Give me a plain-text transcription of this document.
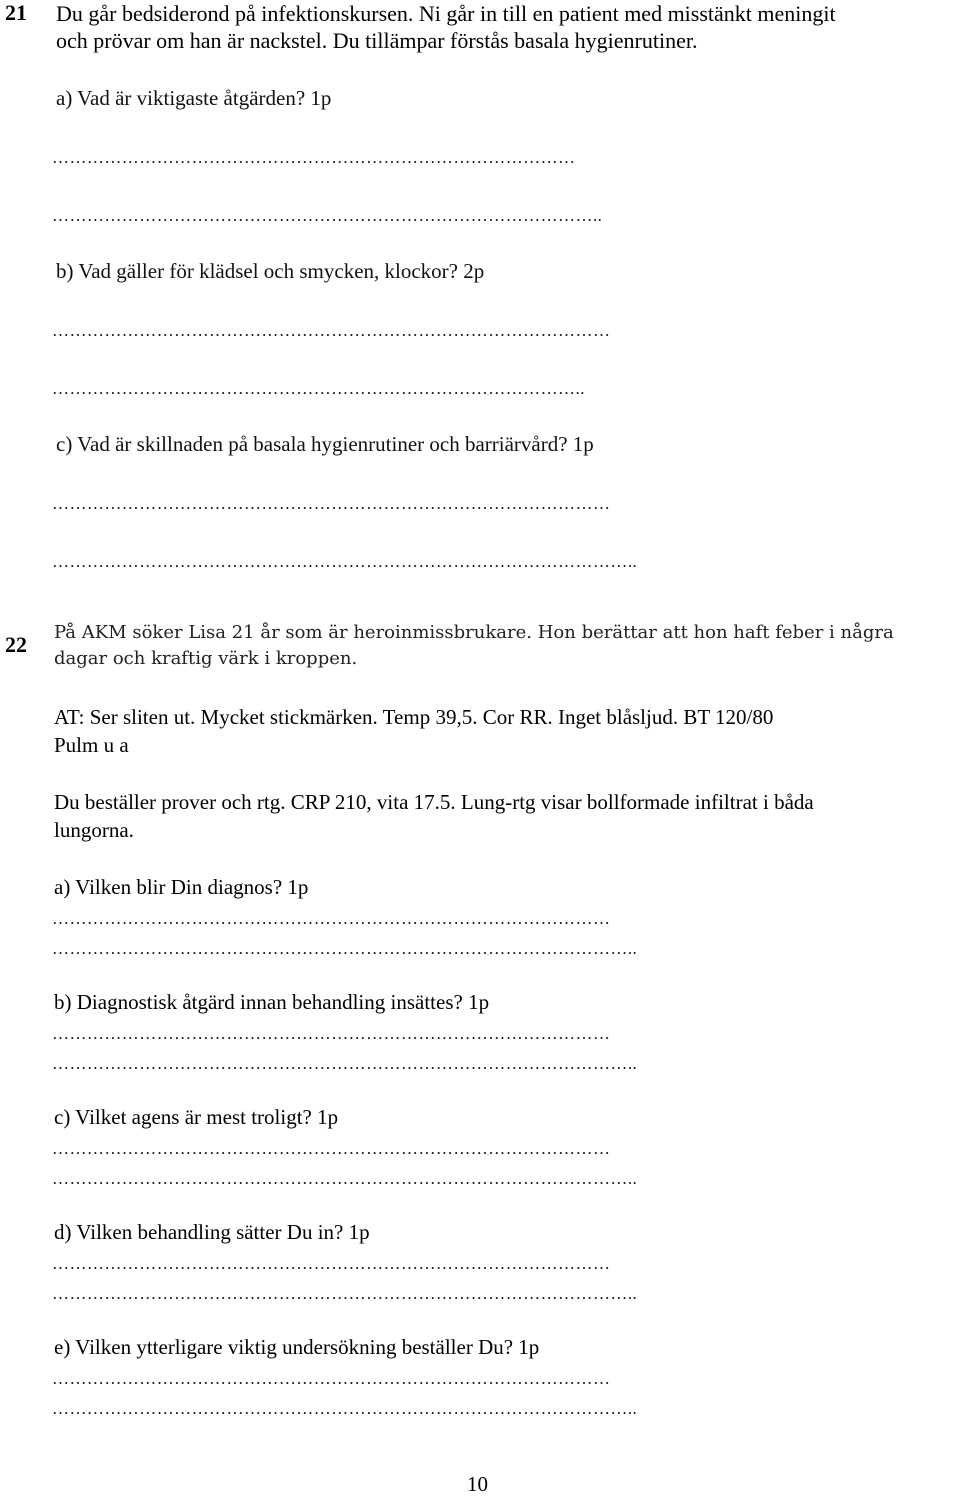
21 Du går bedsiderond på infektionskursen. Ni går in till en patient med misstänkt meningit
och prövar om han är nackstel. Du tillämpar förstås basala hygienrutiner.
a) Vad är viktigaste åtgärden? 1p
………………………………………………………………………………
…………………………………………………………………………………..
b) Vad gäller för klädsel och smycken, klockor? 2p
……………………………………………………………………………………
………………………………………………………………………………..
c) Vad är skillnaden på basala hygienrutiner och barriärvård? 1p
……………………………………………………………………………………
………………………………………………………………………………………..
22 På AKM söker Lisa 21 år som är heroinmissbrukare. Hon berättar att hon haft feber i några
dagar och kraftig värk i kroppen.
AT: Ser sliten ut. Mycket stickmärken. Temp 39,5. Cor RR. Inget blåsljud. BT 120/80
Pulm u a
Du beställer prover och rtg. CRP 210, vita 17.5. Lung-rtg visar bollformade infiltrat i båda
lungorna.
a) Vilken blir Din diagnos? 1p
……………………………………………………………………………………
………………………………………………………………………………………..
b) Diagnostisk åtgärd innan behandling insättes? 1p
……………………………………………………………………………………
………………………………………………………………………………………..
c) Vilket agens är mest troligt? 1p
……………………………………………………………………………………
………………………………………………………………………………………..
d) Vilken behandling sätter Du in? 1p
……………………………………………………………………………………
………………………………………………………………………………………..
e) Vilken ytterligare viktig undersökning beställer Du? 1p
……………………………………………………………………………………
………………………………………………………………………………………..
10
